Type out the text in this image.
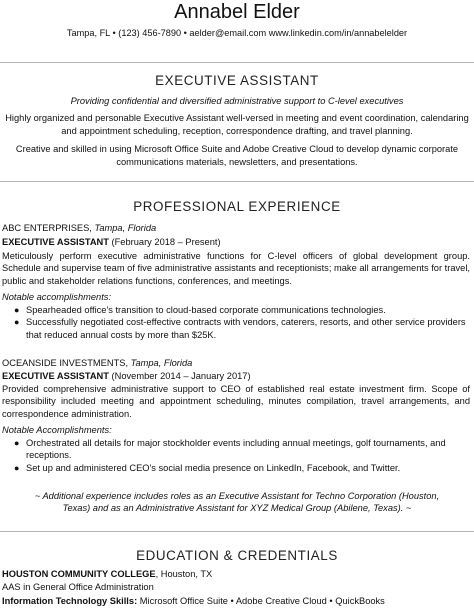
Annabel Elder
Tampa, FL • (123) 456-7890 • aelder@email.com www.linkedin.com/in/annabelelder
EXECUTIVE ASSISTANT
Providing confidential and diversified administrative support to C-level executives
Highly organized and personable Executive Assistant well-versed in meeting and event coordination, calendaring and appointment scheduling, reception, correspondence drafting, and travel planning.
Creative and skilled in using Microsoft Office Suite and Adobe Creative Cloud to develop dynamic corporate communications materials, newsletters, and presentations.
PROFESSIONAL EXPERIENCE
ABC ENTERPRISES, Tampa, Florida
EXECUTIVE ASSISTANT (February 2018 – Present)
Meticulously perform executive administrative functions for C-level officers of global development group. Schedule and supervise team of five administrative assistants and receptionists; make all arrangements for travel, public and stakeholder relations functions, conferences, and meetings.
Notable accomplishments:
● Spearheaded office's transition to cloud-based corporate communications technologies.
● Successfully negotiated cost-effective contracts with vendors, caterers, resorts, and other service providers that reduced annual costs by more than $25K.
OCEANSIDE INVESTMENTS, Tampa, Florida
EXECUTIVE ASSISTANT (November 2014 – January 2017)
Provided comprehensive administrative support to CEO of established real estate investment firm. Scope of responsibility included meeting and appointment scheduling, minutes compilation, travel arrangements, and correspondence administration.
Notable Accomplishments:
● Orchestrated all details for major stockholder events including annual meetings, golf tournaments, and receptions.
● Set up and administered CEO's social media presence on LinkedIn, Facebook, and Twitter.
~ Additional experience includes roles as an Executive Assistant for Techno Corporation (Houston, Texas) and as an Administrative Assistant for XYZ Medical Group (Abilene, Texas). ~
EDUCATION & CREDENTIALS
HOUSTON COMMUNITY COLLEGE, Houston, TX
AAS in General Office Administration
Information Technology Skills: Microsoft Office Suite • Adobe Creative Cloud • QuickBooks
